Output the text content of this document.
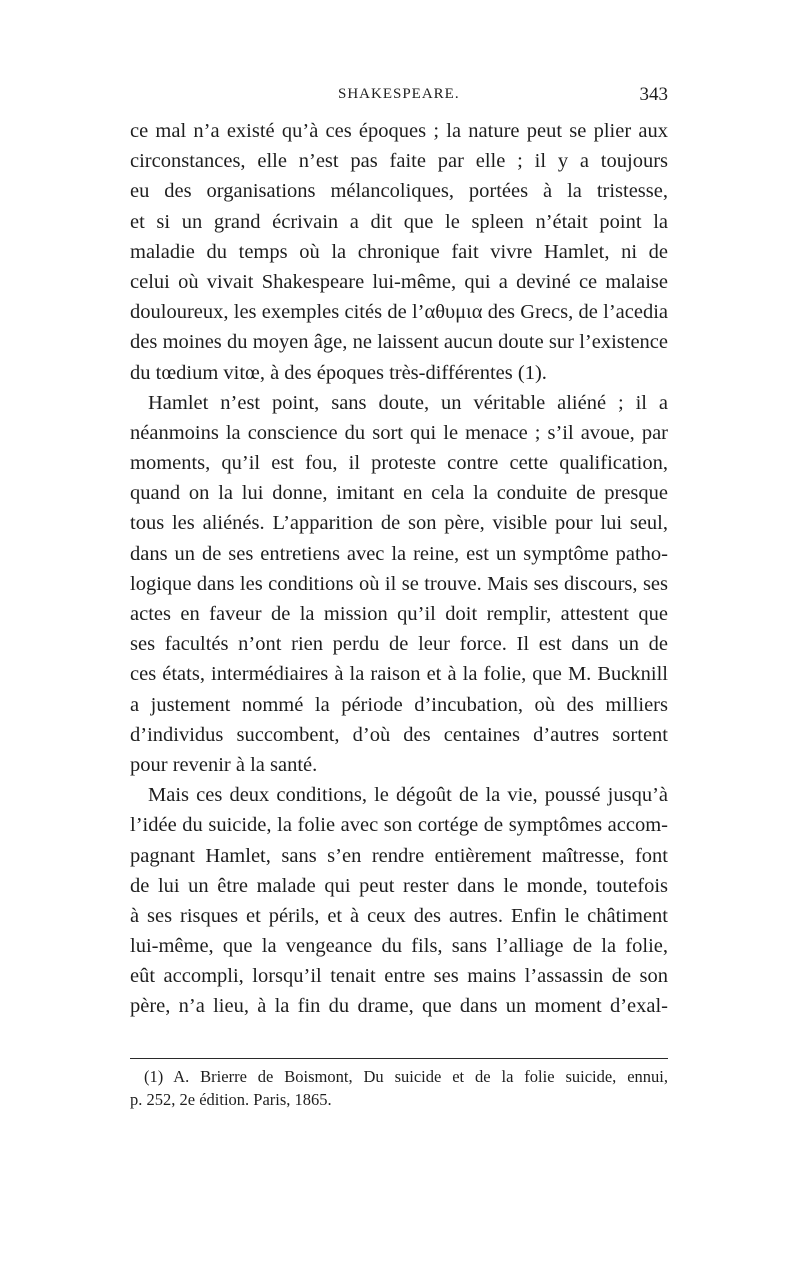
SHAKESPEARE.	343
ce mal n’a existé qu’à ces époques ; la nature peut se plier aux
circonstances, elle n’est pas faite par elle ; il y a toujours
eu des organisations mélancoliques, portées à la tristesse,
et si un grand écrivain a dit que le spleen n’était point la
maladie du temps où la chronique fait vivre Hamlet, ni de
celui où vivait Shakespeare lui-même, qui a deviné ce malaise
douloureux, les exemples cités de l’αθυμια des Grecs, de l’acedia
des moines du moyen âge, ne laissent aucun doute sur l’existence
du tœdium vitœ, à des époques très-différentes (1).
Hamlet n’est point, sans doute, un véritable aliéné ; il a
néanmoins la conscience du sort qui le menace ; s’il avoue, par
moments, qu’il est fou, il proteste contre cette qualification,
quand on la lui donne, imitant en cela la conduite de presque
tous les aliénés. L’apparition de son père, visible pour lui seul,
dans un de ses entretiens avec la reine, est un symptôme patho-
logique dans les conditions où il se trouve. Mais ses discours, ses
actes en faveur de la mission qu’il doit remplir, attestent que
ses facultés n’ont rien perdu de leur force. Il est dans un de
ces états, intermédiaires à la raison et à la folie, que M. Bucknill
a justement nommé la période d’incubation, où des milliers
d’individus succombent, d’où des centaines d’autres sortent
pour revenir à la santé.
Mais ces deux conditions, le dégoût de la vie, poussé jusqu’à
l’idée du suicide, la folie avec son cortége de symptômes accom-
pagnant Hamlet, sans s’en rendre entièrement maîtresse, font
de lui un être malade qui peut rester dans le monde, toutefois
à ses risques et périls, et à ceux des autres. Enfin le châtiment
lui-même, que la vengeance du fils, sans l’alliage de la folie,
eût accompli, lorsqu’il tenait entre ses mains l’assassin de son
père, n’a lieu, à la fin du drame, que dans un moment d’exal-
(1) A. Brierre de Boismont, Du suicide et de la folie suicide, ennui,
p. 252, 2e édition. Paris, 1865.
